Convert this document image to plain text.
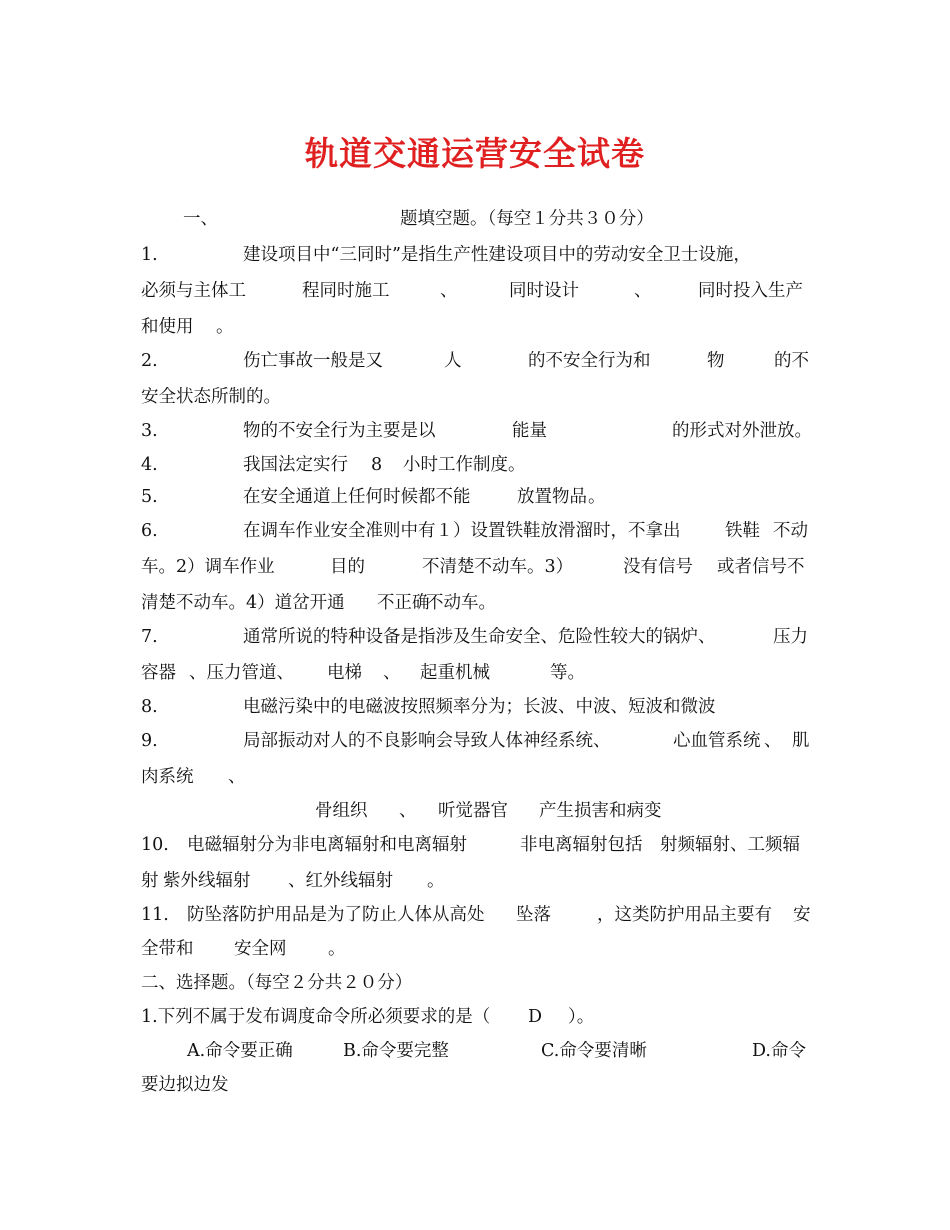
轨道交通运营安全试卷
一、	题填空题。（每空１分共３０分）
1.	建设项目中“三同时”是指生产性建设项目中的劳动安全卫士设施，
必须与主体工	程同时施工	、	同时设计	、	同时投入生产
和使用 。
2.	伤亡事故一般是又	人	的不安全行为和	物	的不
安全状态所制的。
3.	物的不安全行为主要是以	能量	的形式对外泄放。
4.	我国法定实行 8 小时工作制度。
5.	在安全通道上任何时候都不能	放置物品 。
6.	在调车作业安全准则中有１）设置铁鞋放滑溜时，不拿出	铁鞋 不动
车。2）调车作业	目的	不清楚不动车。3）	没有信号 或者信号不
清楚不动车。4）道岔开通 不正确
不动车。
7.	通常所说的特种设备是指涉及生命安全、危险性较大的锅炉、	压力
容器 、压力管道、 电梯 、 起重机械	等。
8.	电磁污染中的电磁波按照频率分为；长波、中波、短波和微波
9.	局部振动对人的不良影响会导致人体神经系统、	心血管系统 、 肌
肉系统 、
骨组织 、 听觉器官 产生损害和病变
10. 电磁辐射分为非电离辐射和电离辐射	非电离辐射包括 射频辐射、工频辐
射 紫外线辐射 、红外线辐射 。
11. 防坠落防护用品是为了防止人体从高处 坠落	，这类防护用品主要有 安
全带和 安全网 。
二、选择题。（每空２分共２０分）
1.下列不属于发布调度命令所必须要求的是（ D ）。
A.命令要正确	B.命令要完整	C.命令要清晰	D.命令
要边拟边发
